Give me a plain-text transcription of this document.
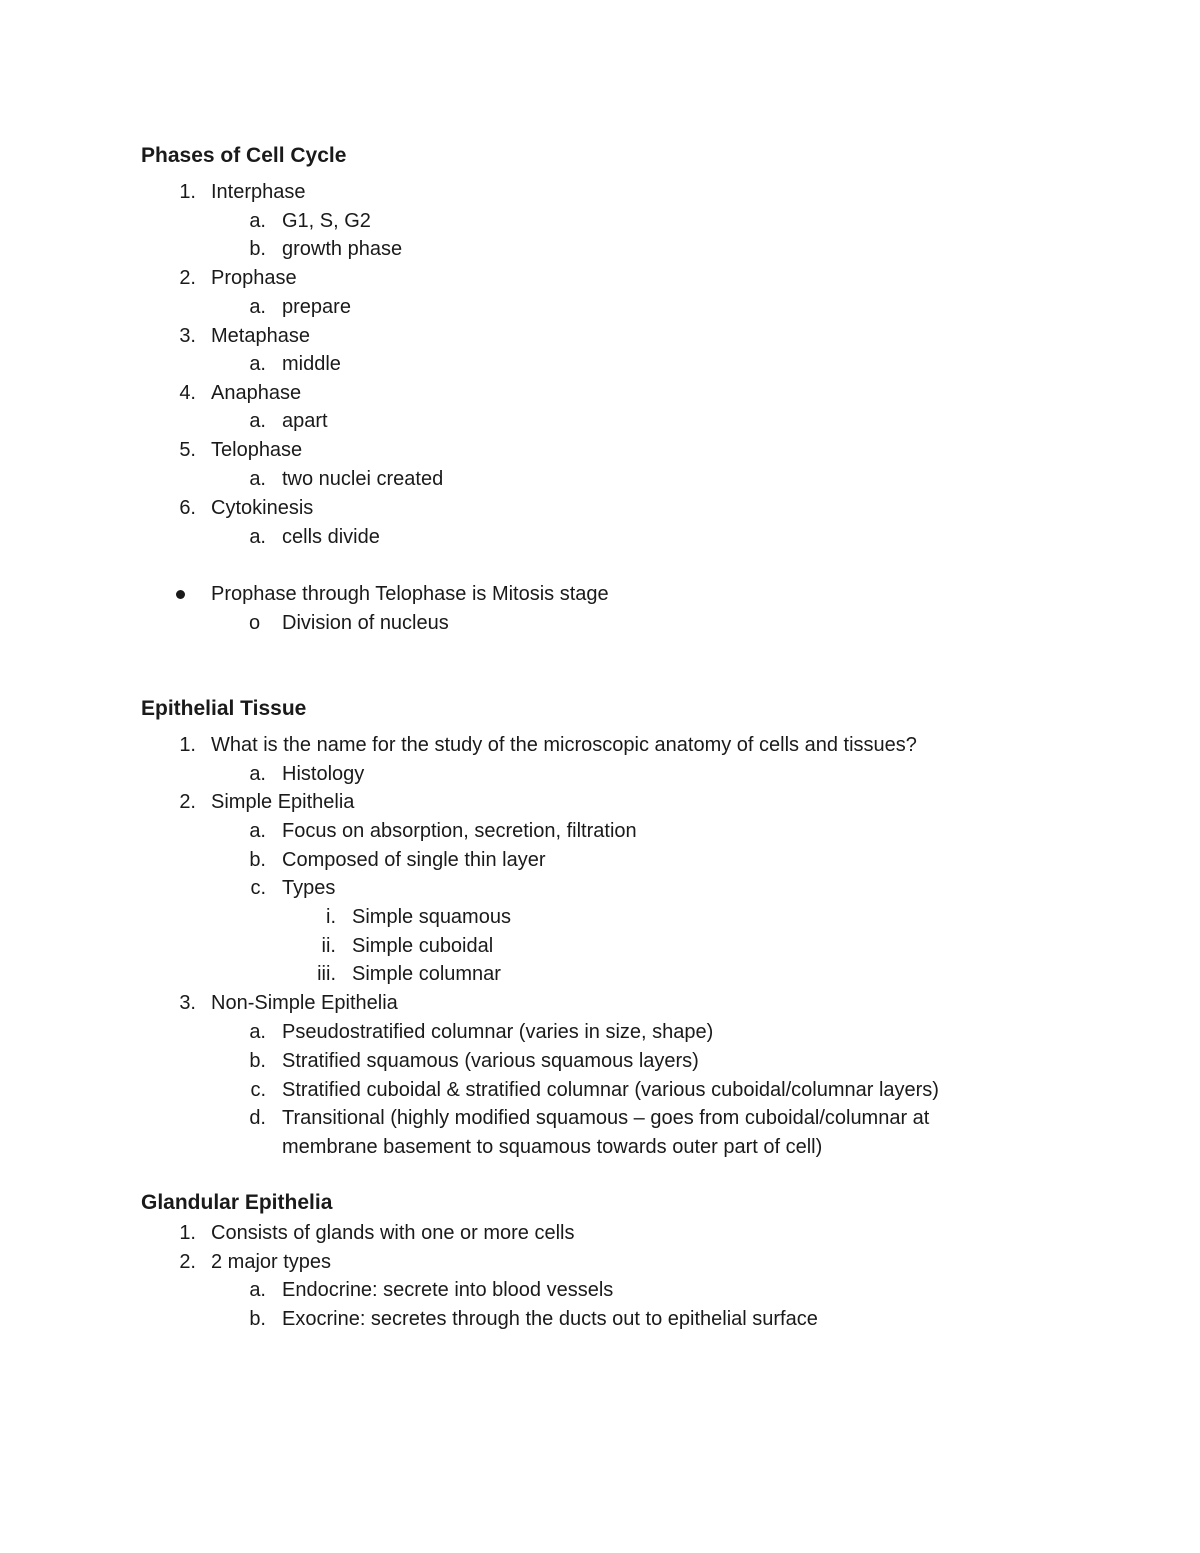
Phases of Cell Cycle
1. Interphase
a. G1, S, G2
b. growth phase
2. Prophase
a. prepare
3. Metaphase
a. middle
4. Anaphase
a. apart
5. Telophase
a. two nuclei created
6. Cytokinesis
a. cells divide
Prophase through Telophase is Mitosis stage
o Division of nucleus
Epithelial Tissue
1. What is the name for the study of the microscopic anatomy of cells and tissues?
a. Histology
2. Simple Epithelia
a. Focus on absorption, secretion, filtration
b. Composed of single thin layer
c. Types
i. Simple squamous
ii. Simple cuboidal
iii. Simple columnar
3. Non-Simple Epithelia
a. Pseudostratified columnar (varies in size, shape)
b. Stratified squamous (various squamous layers)
c. Stratified cuboidal & stratified columnar (various cuboidal/columnar layers)
d. Transitional (highly modified squamous – goes from cuboidal/columnar at
membrane basement to squamous towards outer part of cell)
Glandular Epithelia
1. Consists of glands with one or more cells
2. 2 major types
a. Endocrine: secrete into blood vessels
b. Exocrine: secretes through the ducts out to epithelial surface
